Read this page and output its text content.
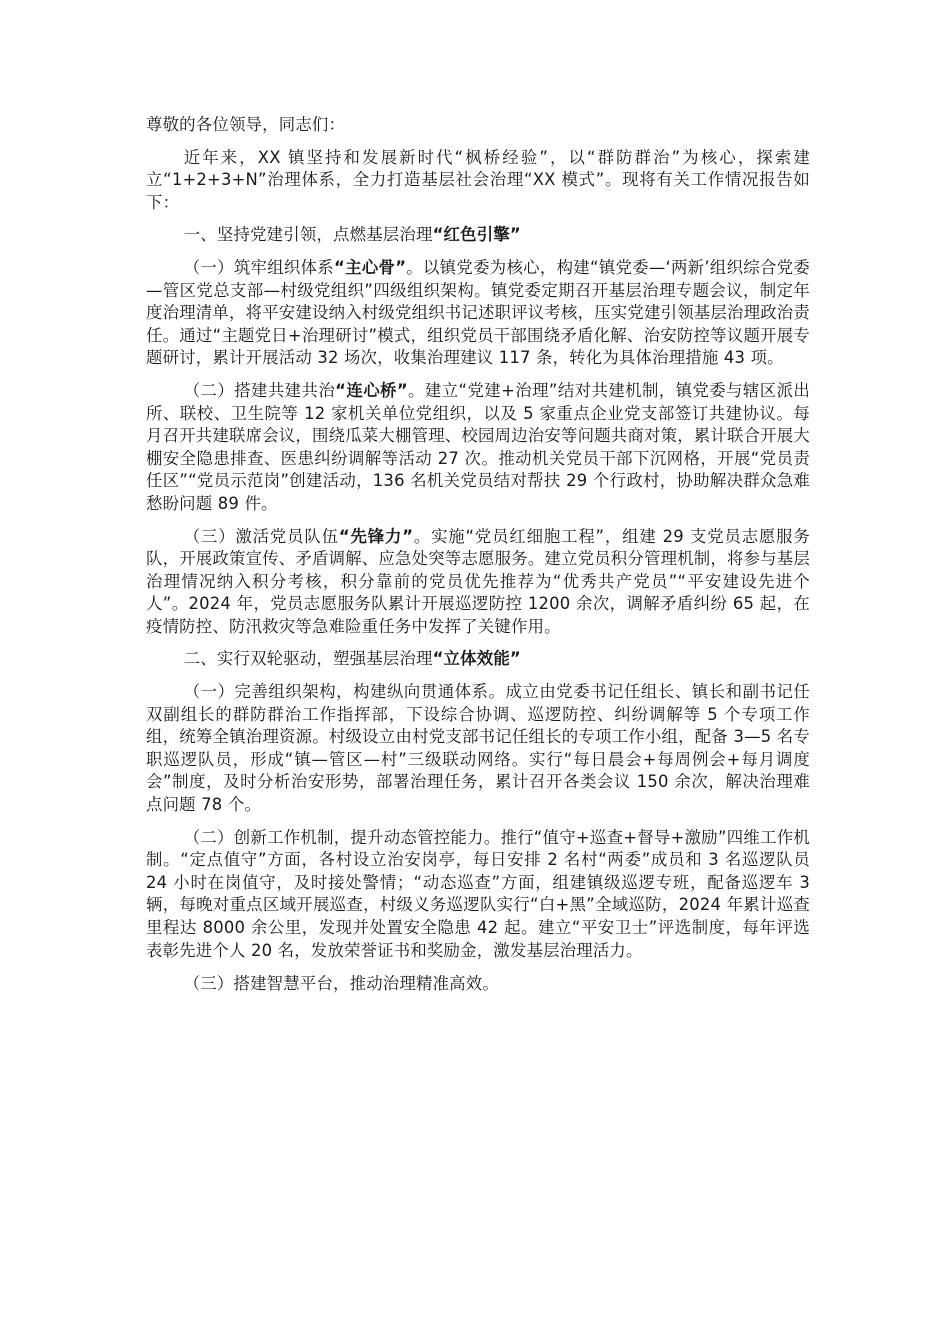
尊敬的各位领导，同志们：

近年来，XX 镇坚持和发展新时代“枫桥经验”，以“群防群治”为核心，探索建立“1+2+3+N”治理体系，全力打造基层社会治理“XX 模式”。现将有关工作情况报告如下：

一、坚持党建引领，点燃基层治理“红色引擎”

（一）筑牢组织体系“主心骨”。以镇党委为核心，构建“镇党委—‘两新’组织综合党委—管区党总支部—村级党组织”四级组织架构。镇党委定期召开基层治理专题会议，制定年度治理清单，将平安建设纳入村级党组织书记述职评议考核，压实党建引领基层治理政治责任。通过“主题党日+治理研讨”模式，组织党员干部围绕矛盾化解、治安防控等议题开展专题研讨，累计开展活动 32 场次，收集治理建议 117 条，转化为具体治理措施 43 项。

（二）搭建共建共治“连心桥”。建立“党建+治理”结对共建机制，镇党委与辖区派出所、联校、卫生院等 12 家机关单位党组织，以及 5 家重点企业党支部签订共建协议。每月召开共建联席会议，围绕瓜菜大棚管理、校园周边治安等问题共商对策，累计联合开展大棚安全隐患排查、医患纠纷调解等活动 27 次。推动机关党员干部下沉网格，开展“党员责任区”“党员示范岗”创建活动，136 名机关党员结对帮扶 29 个行政村，协助解决群众急难愁盼问题 89 件。

（三）激活党员队伍“先锋力”。实施“党员红细胞工程”，组建 29 支党员志愿服务队，开展政策宣传、矛盾调解、应急处突等志愿服务。建立党员积分管理机制，将参与基层治理情况纳入积分考核，积分靠前的党员优先推荐为“优秀共产党员”“平安建设先进个人”。2024 年，党员志愿服务队累计开展巡逻防控 1200 余次，调解矛盾纠纷 65 起，在疫情防控、防汛救灾等急难险重任务中发挥了关键作用。

二、实行双轮驱动，塑强基层治理“立体效能”

（一）完善组织架构，构建纵向贯通体系。成立由党委书记任组长、镇长和副书记任双副组长的群防群治工作指挥部，下设综合协调、巡逻防控、纠纷调解等 5 个专项工作组，统筹全镇治理资源。村级设立由村党支部书记任组长的专项工作小组，配备 3—5 名专职巡逻队员，形成“镇—管区—村”三级联动网络。实行“每日晨会+每周例会+每月调度会”制度，及时分析治安形势，部署治理任务，累计召开各类会议 150 余次，解决治理难点问题 78 个。

（二）创新工作机制，提升动态管控能力。推行“值守+巡查+督导+激励”四维工作机制。“定点值守”方面，各村设立治安岗亭，每日安排 2 名村“两委”成员和 3 名巡逻队员 24 小时在岗值守，及时接处警情；“动态巡查”方面，组建镇级巡逻专班，配备巡逻车 3 辆，每晚对重点区域开展巡查，村级义务巡逻队实行“白+黑”全域巡防，2024 年累计巡查里程达 8000 余公里，发现并处置安全隐患 42 起。建立“平安卫士”评选制度，每年评选表彰先进个人 20 名，发放荣誉证书和奖励金，激发基层治理活力。

（三）搭建智慧平台，推动治理精准高效。
